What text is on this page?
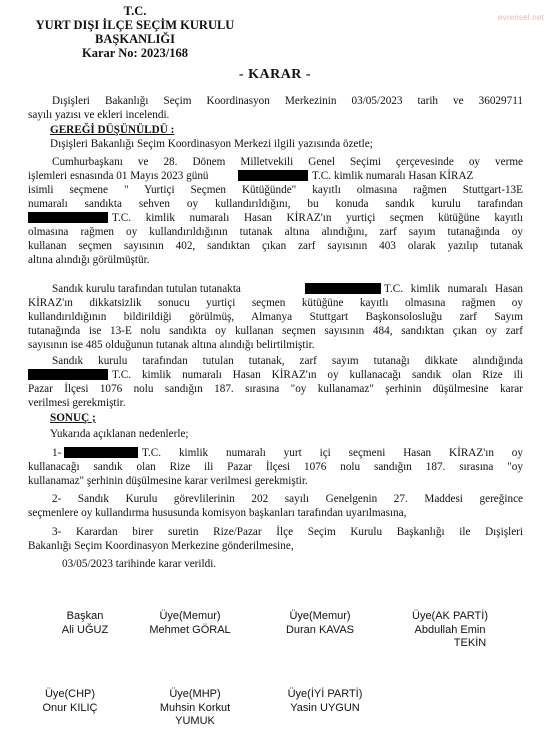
evrensel.net
T.C.
YURT DIŞI İLÇE SEÇİM KURULU
BAŞKANLIĞI
Karar No: 2023/168
- KARAR -
Dışişleri Bakanlığı Seçim Koordinasyon Merkezinin 03/05/2023 tarih ve 36029711
sayılı yazısı ve ekleri incelendi.
GEREĞİ DÜŞÜNÜLDÜ :
Dışişleri Bakanlığı Seçim Koordinasyon Merkezi ilgili yazısında özetle;
Cumhurbaşkanı ve 28. Dönem Milletvekili Genel Seçimi çerçevesinde oy verme
işlemleri esnasında 01 Mayıs 2023 günü	T.C. kimlik numaralı Hasan KİRAZ
isimli seçmene " Yurtiçi Seçmen Kütüğünde" kayıtlı olmasına rağmen Stuttgart-13E
numaralı sandıkta sehven oy kullandırıldığını, bu konuda sandık kurulu tarafından
T.C. kimlik numaralı Hasan KİRAZ'ın yurtiçi seçmen kütüğüne kayıtlı
olmasına rağmen oy kullandırıldığının tutanak altına alındığını, zarf sayım tutanağında oy
kullanan seçmen sayısının 402, sandıktan çıkan zarf sayısının 403 olarak yazılıp tutanak
altına alındığı görülmüştür.
Sandık kurulu tarafından tutulan tutanakta	T.C. kimlik numaralı Hasan
KİRAZ'ın dikkatsizlik sonucu yurtiçi seçmen kütüğüne kayıtlı olmasına rağmen oy
kullandırıldığının bildirildiği görülmüş, Almanya Stuttgart Başkonsolosluğu zarf Sayım
tutanağında ise 13-E nolu sandıkta oy kullanan seçmen sayısının 484, sandıktan çıkan oy zarf
sayısının ise 485 olduğunun tutanak altına alındığı belirtilmiştir.
Sandık kurulu tarafından tutulan tutanak, zarf sayım tutanağı dikkate alındığında
T.C. kimlik numaralı Hasan KİRAZ'ın oy kullanacağı sandık olan Rize ili
Pazar İlçesi 1076 nolu sandığın 187. sırasına "oy kullanamaz" şerhinin düşülmesine karar
verilmesi gerekmiştir.
SONUÇ ;
Yukarıda açıklanan nedenlerle;
1-	T.C. kimlik numaralı yurt içi seçmeni Hasan KİRAZ'ın oy
kullanacağı sandık olan Rize ili Pazar İlçesi 1076 nolu sandığın 187. sırasına "oy
kullanamaz" şerhinin düşülmesine karar verilmesi gerekmiştir.
2- Sandık Kurulu görevlilerinin 202 sayılı Genelgenin 27. Maddesi gereğince
seçmenlere oy kullandırma hususunda komisyon başkanları tarafından uyarılmasına,
3- Karardan birer suretin Rize/Pazar İlçe Seçim Kurulu Başkanlığı ile Dışişleri
Bakanlığı Seçim Koordinasyon Merkezine gönderilmesine,
03/05/2023 tarihinde karar verildi.
Başkan
Ali UĞUZ
Üye(Memur)
Mehmet GÖRAL
Üye(Memur)
Duran KAVAS
Üye(AK PARTİ)
Abdullah Emin
TEKİN
Üye(CHP)
Onur KILIÇ
Üye(MHP)
Muhsin Korkut
YUMUK
Üye(İYİ PARTİ)
Yasin UYGUN
